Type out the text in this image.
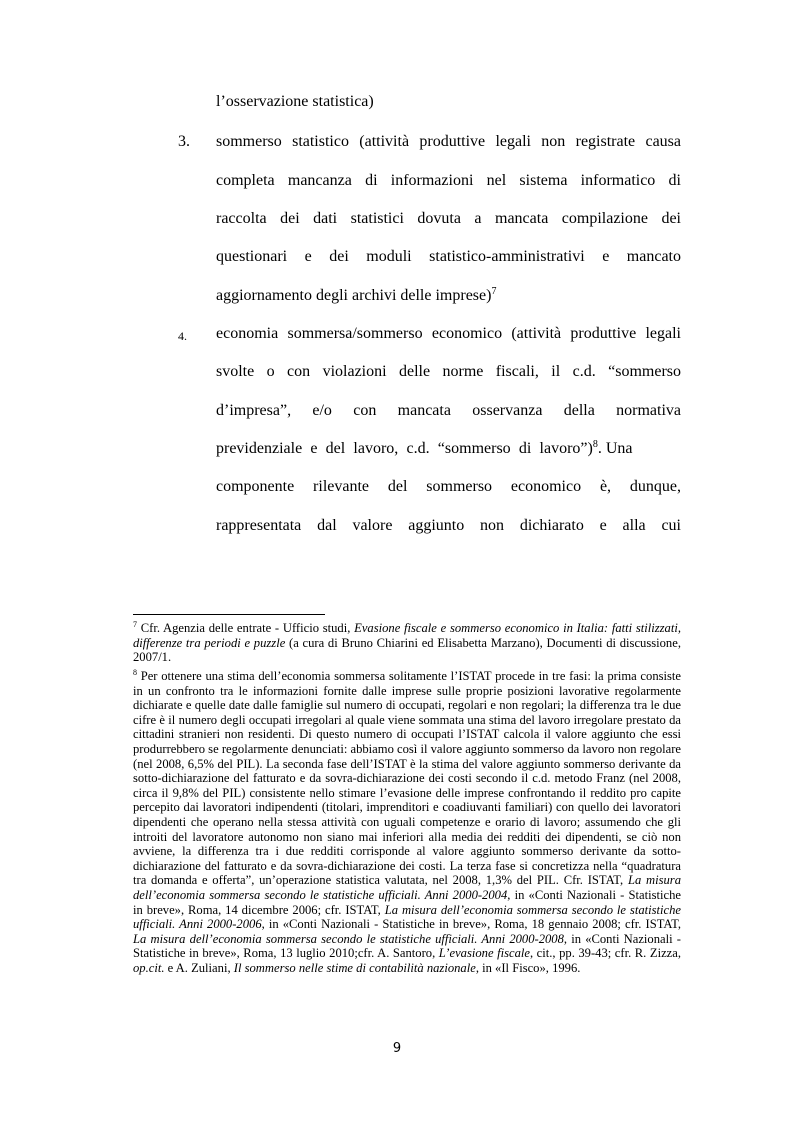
l’osservazione statistica)
3. sommerso statistico (attività produttive legali non registrate causa
completa mancanza di informazioni nel sistema informatico di
raccolta dei dati statistici dovuta a mancata compilazione dei
questionari e dei moduli statistico-amministrativi e mancato
aggiornamento degli archivi delle imprese)$^7$
4. economia sommersa/sommerso economico (attività produttive legali
svolte o con violazioni delle norme fiscali, il c.d. “sommerso
d’impresa”, e/o con mancata osservanza della normativa
previdenziale e del lavoro, c.d. “sommerso di lavoro”)$^8$. Una
componente rilevante del sommerso economico è, dunque,
rappresentata dal valore aggiunto non dichiarato e alla cui
$^7$ Cfr. Agenzia delle entrate - Ufficio studi, Evasione fiscale e sommerso economico in Italia: fatti stilizzati, differenze tra periodi e puzzle (a cura di Bruno Chiarini ed Elisabetta Marzano), Documenti di discussione, 2007/1.
$^8$ Per ottenere una stima dell’economia sommersa solitamente l’ISTAT procede in tre fasi: la prima consiste in un confronto tra le informazioni fornite dalle imprese sulle proprie posizioni lavorative regolarmente dichiarate e quelle date dalle famiglie sul numero di occupati, regolari e non regolari; la differenza tra le due cifre è il numero degli occupati irregolari al quale viene sommata una stima del lavoro irregolare prestato da cittadini stranieri non residenti. Di questo numero di occupati l’ISTAT calcola il valore aggiunto che essi produrrebbero se regolarmente denunciati: abbiamo così il valore aggiunto sommerso da lavoro non regolare (nel 2008, 6,5% del PIL). La seconda fase dell’ISTAT è la stima del valore aggiunto sommerso derivante da sotto-dichiarazione del fatturato e da sovra-dichiarazione dei costi secondo il c.d. metodo Franz (nel 2008, circa il 9,8% del PIL) consistente nello stimare l’evasione delle imprese confrontando il reddito pro capite percepito dai lavoratori indipendenti (titolari, imprenditori e coadiuvanti familiari) con quello dei lavoratori dipendenti che operano nella stessa attività con uguali competenze e orario di lavoro; assumendo che gli introiti del lavoratore autonomo non siano mai inferiori alla media dei redditi dei dipendenti, se ciò non avviene, la differenza tra i due redditi corrisponde al valore aggiunto sommerso derivante da sotto-dichiarazione del fatturato e da sovra-dichiarazione dei costi. La terza fase si concretizza nella “quadratura tra domanda e offerta”, un’operazione statistica valutata, nel 2008, 1,3% del PIL. Cfr. ISTAT, La misura dell’economia sommersa secondo le statistiche ufficiali. Anni 2000-2004, in «Conti Nazionali - Statistiche in breve», Roma, 14 dicembre 2006; cfr. ISTAT, La misura dell’economia sommersa secondo le statistiche ufficiali. Anni 2000-2006, in «Conti Nazionali - Statistiche in breve», Roma, 18 gennaio 2008; cfr. ISTAT, La misura dell’economia sommersa secondo le statistiche ufficiali. Anni 2000-2008, in «Conti Nazionali - Statistiche in breve», Roma, 13 luglio 2010;cfr. A. Santoro, L’evasione fiscale, cit., pp. 39-43; cfr. R. Zizza, op.cit. e A. Zuliani, Il sommerso nelle stime di contabilità nazionale, in «Il Fisco», 1996.
9
